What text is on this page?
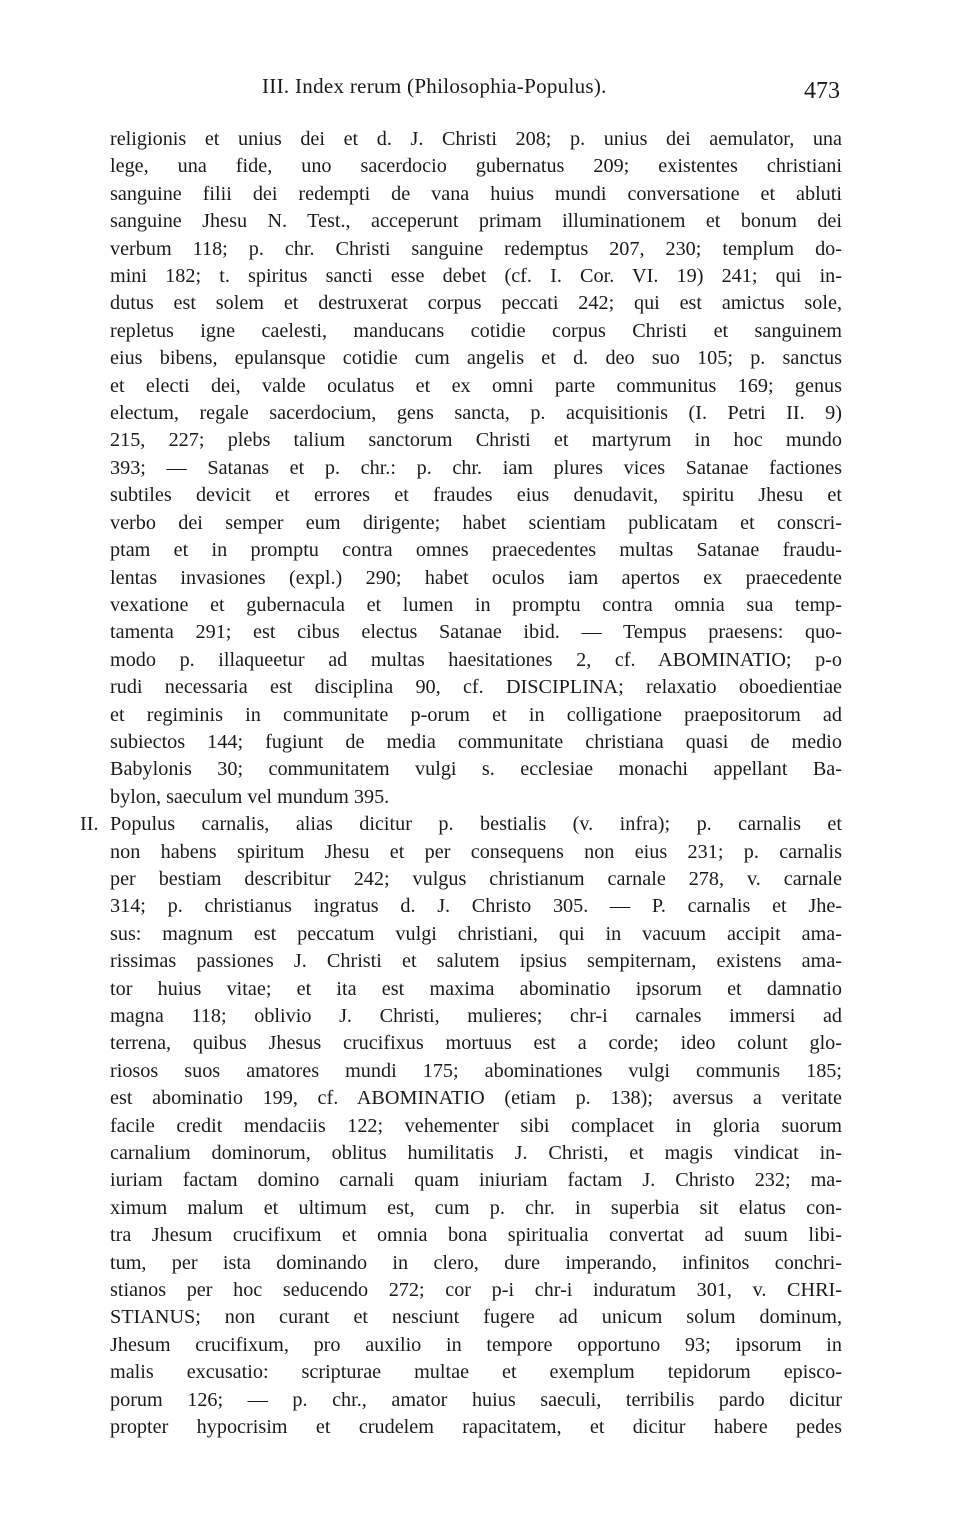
III. Index rerum (Philosophia-Populus).	473
religionis et unius dei et d. J. Christi 208; p. unius dei aemulator, una
lege, una fide, uno sacerdocio gubernatus 209; existentes christiani
sanguine filii dei redempti de vana huius mundi conversatione et abluti
sanguine Jhesu N. Test., acceperunt primam illuminationem et bonum dei
verbum 118; p. chr. Christi sanguine redemptus 207, 230; templum do-
mini 182; t. spiritus sancti esse debet (cf. I. Cor. VI. 19) 241; qui in-
dutus est solem et destruxerat corpus peccati 242; qui est amictus sole,
repletus igne caelesti, manducans cotidie corpus Christi et sanguinem
eius bibens, epulansque cotidie cum angelis et d. deo suo 105; p. sanctus
et electi dei, valde oculatus et ex omni parte communitus 169; genus
electum, regale sacerdocium, gens sancta, p. acquisitionis (I. Petri II. 9)
215, 227; plebs talium sanctorum Christi et martyrum in hoc mundo
393; — Satanas et p. chr.: p. chr. iam plures vices Satanae factiones
subtiles devicit et errores et fraudes eius denudavit, spiritu Jhesu et
verbo dei semper eum dirigente; habet scientiam publicatam et conscri-
ptam et in promptu contra omnes praecedentes multas Satanae fraudu-
lentas invasiones (expl.) 290; habet oculos iam apertos ex praecedente
vexatione et gubernacula et lumen in promptu contra omnia sua temp-
tamenta 291; est cibus electus Satanae ibid. — Tempus praesens: quo-
modo p. illaqueetur ad multas haesitationes 2, cf. ABOMINATIO; p-o
rudi necessaria est disciplina 90, cf. DISCIPLINA; relaxatio oboedientiae
et regiminis in communitate p-orum et in colligatione praepositorum ad
subiectos 144; fugiunt de media communitate christiana quasi de medio
Babylonis 30; communitatem vulgi s. ecclesiae monachi appellant Ba-
bylon, saeculum vel mundum 395.
II. Populus carnalis, alias dicitur p. bestialis (v. infra); p. carnalis et
non habens spiritum Jhesu et per consequens non eius 231; p. carnalis
per bestiam describitur 242; vulgus christianum carnale 278, v. carnale
314; p. christianus ingratus d. J. Christo 305. — P. carnalis et Jhe-
sus: magnum est peccatum vulgi christiani, qui in vacuum accipit ama-
rissimas passiones J. Christi et salutem ipsius sempiternam, existens ama-
tor huius vitae; et ita est maxima abominatio ipsorum et damnatio
magna 118; oblivio J. Christi, mulieres; chr-i carnales immersi ad
terrena, quibus Jhesus crucifixus mortuus est a corde; ideo colunt glo-
riosos suos amatores mundi 175; abominationes vulgi communis 185;
est abominatio 199, cf. ABOMINATIO (etiam p. 138); aversus a veritate
facile credit mendaciis 122; vehementer sibi complacet in gloria suorum
carnalium dominorum, oblitus humilitatis J. Christi, et magis vindicat in-
iuriam factam domino carnali quam iniuriam factam J. Christo 232; ma-
ximum malum et ultimum est, cum p. chr. in superbia sit elatus con-
tra Jhesum crucifixum et omnia bona spiritualia convertat ad suum libi-
tum, per ista dominando in clero, dure imperando, infinitos conchri-
stianos per hoc seducendo 272; cor p-i chr-i induratum 301, v. CHRI-
STIANUS; non curant et nesciunt fugere ad unicum solum dominum,
Jhesum crucifixum, pro auxilio in tempore opportuno 93; ipsorum in
malis excusatio: scripturae multae et exemplum tepidorum episco-
porum 126; — p. chr., amator huius saeculi, terribilis pardo dicitur
propter hypocrisim et crudelem rapacitatem, et dicitur habere pedes
